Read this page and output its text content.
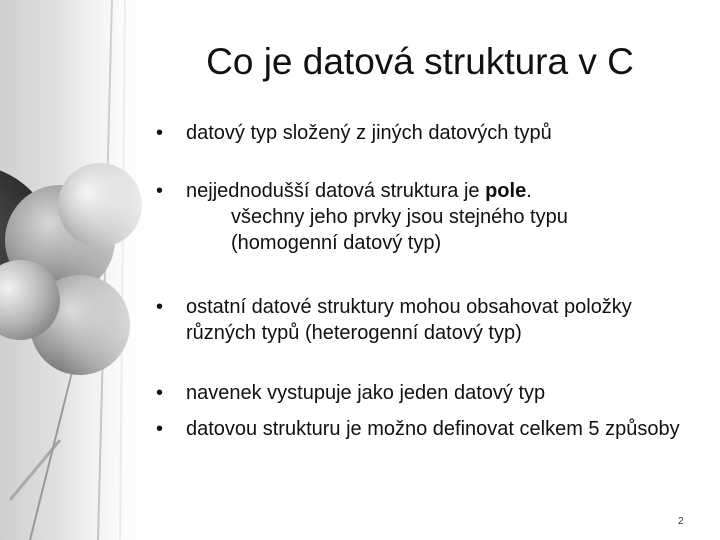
Co je datová struktura v C
• datový typ složený z jiných datových typů
• nejjednodušší datová struktura je pole.
všechny jeho prvky jsou stejného typu
(homogenní datový typ)
• ostatní datové struktury mohou obsahovat položky různých typů (heterogenní datový typ)
• navenek vystupuje jako jeden datový typ
• datovou strukturu je možno definovat celkem 5 způsoby
2
